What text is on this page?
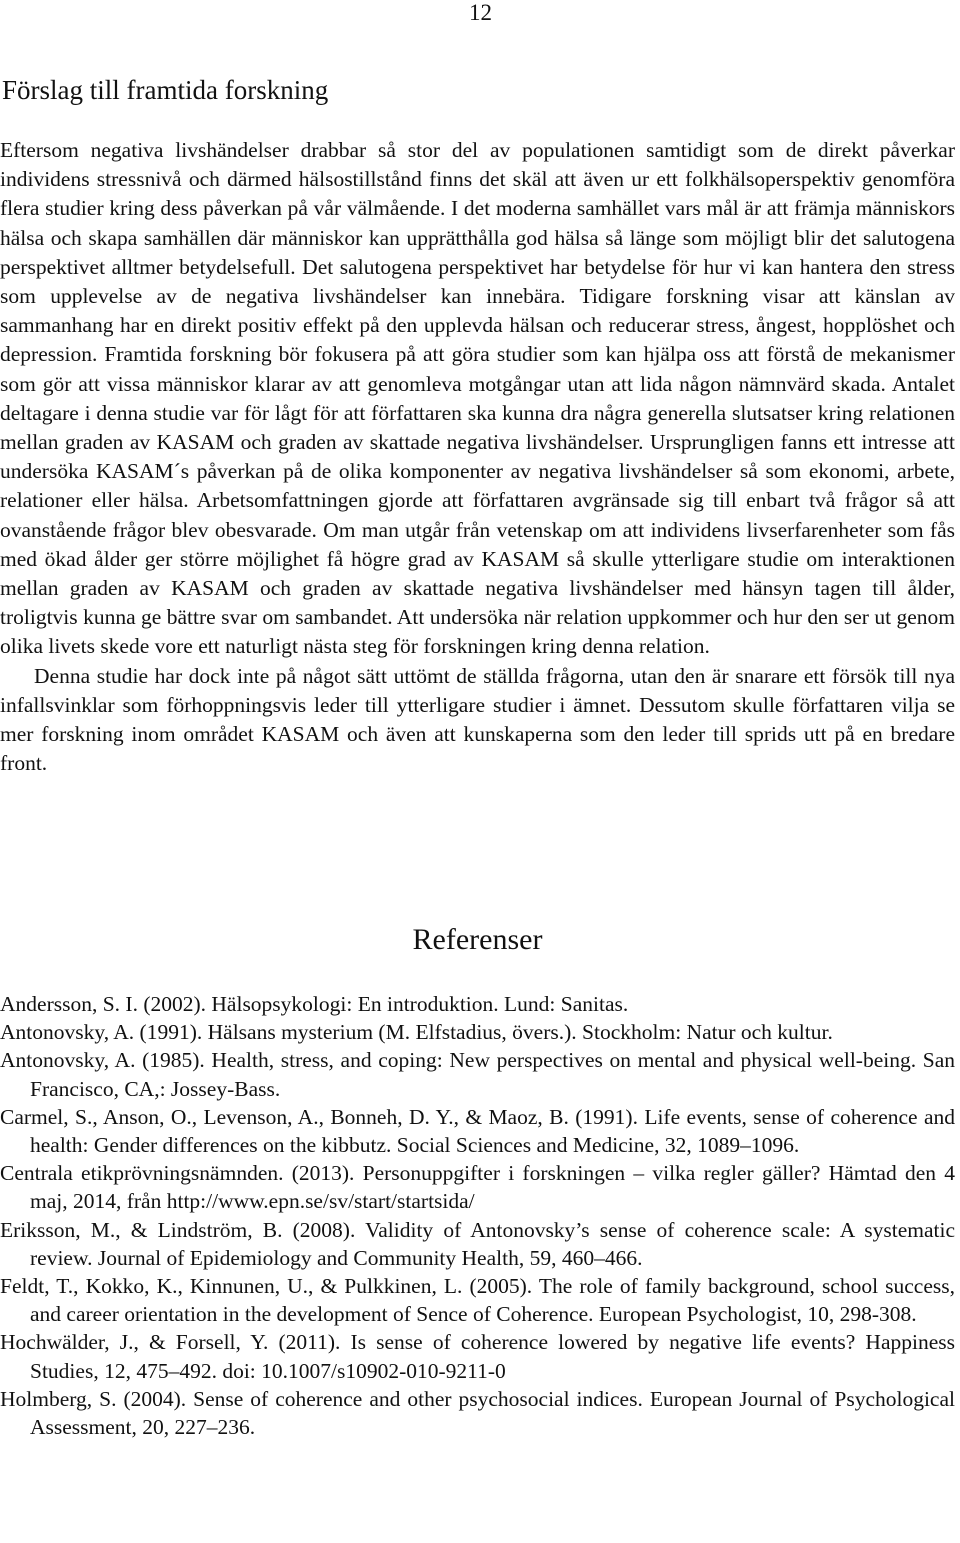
12
Förslag till framtida forskning

Eftersom negativa livshändelser drabbar så stor del av populationen samtidigt som de direkt påverkar individens stressnivå och därmed hälsostillstånd finns det skäl att även ur ett folkhälsoperspektiv genomföra flera studier kring dess påverkan på vår välmående. I det moderna samhället vars mål är att främja människors hälsa och skapa samhällen där människor kan upprätthålla god hälsa så länge som möjligt blir det salutogena perspektivet alltmer betydelsefull. Det salutogena perspektivet har betydelse för hur vi kan hantera den stress som upplevelse av de negativa livshändelser kan innebära. Tidigare forskning visar att känslan av sammanhang har en direkt positiv effekt på den upplevda hälsan och reducerar stress, ångest, hopplöshet och depression. Framtida forskning bör fokusera på att göra studier som kan hjälpa oss att förstå de mekanismer som gör att vissa människor klarar av att genomleva motgångar utan att lida någon nämnvärd skada. Antalet deltagare i denna studie var för lågt för att författaren ska kunna dra några generella slutsatser kring relationen mellan graden av KASAM och graden av skattade negativa livshändelser. Ursprungligen fanns ett intresse att undersöka KASAM´s påverkan på de olika komponenter av negativa livshändelser så som ekonomi, arbete, relationer eller hälsa. Arbetsomfattningen gjorde att författaren avgränsade sig till enbart två frågor så att ovanstående frågor blev obesvarade. Om man utgår från vetenskap om att individens livserfarenheter som fås med ökad ålder ger större möjlighet få högre grad av KASAM så skulle ytterligare studie om interaktionen mellan graden av KASAM och graden av skattade negativa livshändelser med hänsyn tagen till ålder, troligtvis kunna ge bättre svar om sambandet. Att undersöka när relation uppkommer och hur den ser ut genom olika livets skede vore ett naturligt nästa steg för forskningen kring denna relation.

Denna studie har dock inte på något sätt uttömt de ställda frågorna, utan den är snarare ett försök till nya infallsvinklar som förhoppningsvis leder till ytterligare studier i ämnet. Dessutom skulle författaren vilja se mer forskning inom området KASAM och även att kunskaperna som den leder till sprids utt på en bredare front.

Referenser
Andersson, S. I. (2002). Hälsopsykologi: En introduktion. Lund: Sanitas.
Antonovsky, A. (1991). Hälsans mysterium (M. Elfstadius, övers.). Stockholm: Natur och kultur.
Antonovsky, A. (1985). Health, stress, and coping: New perspectives on mental and physical well-being. San Francisco, CA,: Jossey-Bass.
Carmel, S., Anson, O., Levenson, A., Bonneh, D. Y., & Maoz, B. (1991). Life events, sense of coherence and health: Gender differences on the kibbutz. Social Sciences and Medicine, 32, 1089–1096.
Centrala etikprövningsnämnden. (2013). Personuppgifter i forskningen – vilka regler gäller? Hämtad den 4 maj, 2014, från http://www.epn.se/sv/start/startsida/
Eriksson, M., & Lindström, B. (2008). Validity of Antonovsky’s sense of coherence scale: A systematic review. Journal of Epidemiology and Community Health, 59, 460–466.
Feldt, T., Kokko, K., Kinnunen, U., & Pulkkinen, L. (2005). The role of family background, school success, and career orientation in the development of Sence of Coherence. European Psychologist, 10, 298-308.
Hochwälder, J., & Forsell, Y. (2011). Is sense of coherence lowered by negative life events? Happiness Studies, 12, 475–492. doi: 10.1007/s10902-010-9211-0
Holmberg, S. (2004). Sense of coherence and other psychosocial indices. European Journal of Psychological Assessment, 20, 227–236.
